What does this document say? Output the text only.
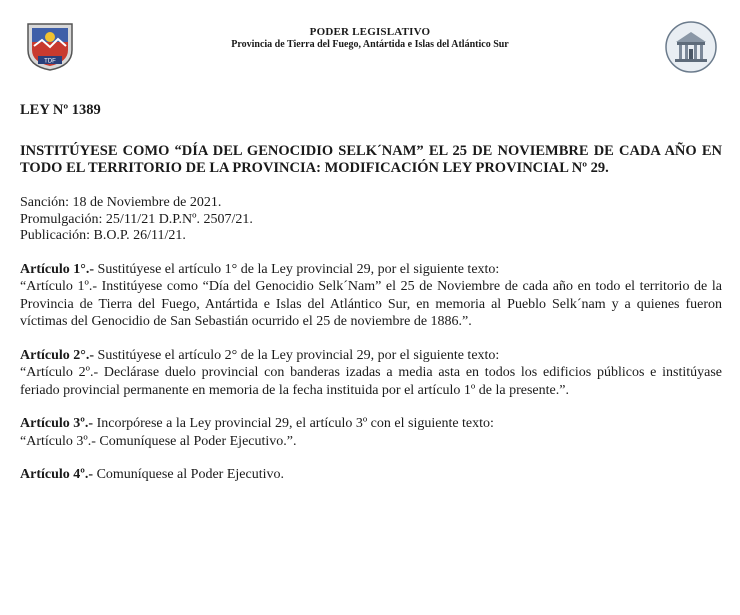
TDF
PODER LEGISLATIVO
Provincia de Tierra del Fuego, Antártida e Islas del Atlántico Sur

LEY Nº 1389

INSTITÚYESE COMO “DÍA DEL GENOCIDIO SELK´NAM” EL 25 DE NOVIEMBRE DE CADA AÑO EN TODO EL TERRITORIO DE LA PROVINCIA: MODIFICACIÓN LEY PROVINCIAL Nº 29.

Sanción: 18 de Noviembre de 2021.
Promulgación: 25/11/21 D.P.Nº. 2507/21.
Publicación: B.O.P. 26/11/21.
Artículo 1°.- Sustitúyese el artículo 1° de la Ley provincial 29, por el siguiente texto:
“Artículo 1º.- Institúyese como “Día del Genocidio Selk´Nam” el 25 de Noviembre de cada año en todo el territorio de la Provincia de Tierra del Fuego, Antártida e Islas del Atlántico Sur, en memoria al Pueblo Selk´nam y a quienes fueron víctimas del Genocidio de San Sebastián ocurrido el 25 de noviembre de 1886.”.
Artículo 2°.- Sustitúyese el artículo 2° de la Ley provincial 29, por el siguiente texto:
“Artículo 2º.- Declárase duelo provincial con banderas izadas a media asta en todos los edificios públicos e institúyase feriado provincial permanente en memoria de la fecha instituida por el artículo 1º de la presente.”.
Artículo 3º.- Incorpórese a la Ley provincial 29, el artículo 3º con el siguiente texto:
“Artículo 3º.- Comuníquese al Poder Ejecutivo.”.
Artículo 4º.- Comuníquese al Poder Ejecutivo.
